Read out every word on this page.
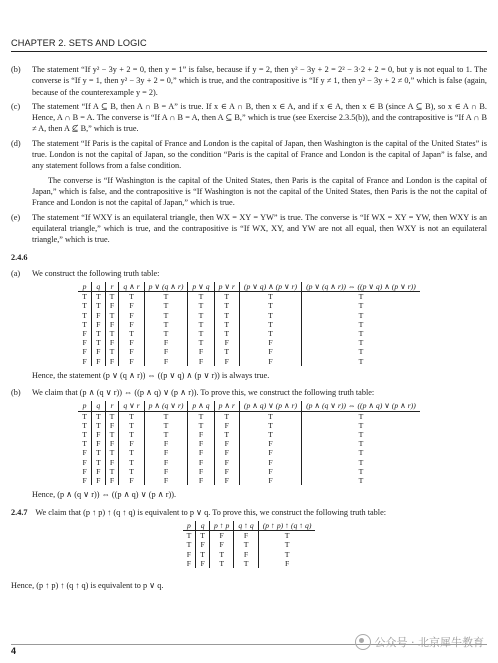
CHAPTER 2. SETS AND LOGIC
(b) The statement “If y² − 3y + 2 = 0, then y = 1” is false, because if y = 2, then y² − 3y + 2 = 2² − 3·2 + 2 = 0, but y is not equal to 1. The converse is “If y = 1, then y² − 3y + 2 = 0,” which is true, and the contrapositive is “If y ≠ 1, then y² − 3y + 2 ≠ 0,” which is false (again, because of the counterexample y = 2).
(c) The statement “If A ⊆ B, then A ∩ B = A” is true. If x ∈ A ∩ B, then x ∈ A, and if x ∈ A, then x ∈ B (since A ⊆ B), so x ∈ A ∩ B. Hence, A ∩ B = A. The converse is “If A ∩ B = A, then A ⊆ B,” which is true (see Exercise 2.3.5(b)), and the contrapositive is “If A ∩ B ≠ A, then A ⊈ B,” which is true.
(d) The statement “If Paris is the capital of France and London is the capital of Japan, then Washington is the capital of the United States” is true. London is not the capital of Japan, so the condition “Paris is the capital of France and London is the capital of Japan” is false, and any statement follows from a false condition.
The converse is “If Washington is the capital of the United States, then Paris is the capital of France and London is the capital of Japan,” which is false, and the contrapositive is “If Washington is not the capital of the United States, then Paris is the not the capital of France and London is not the capital of Japan,” which is true.
(e) The statement “If WXY is an equilateral triangle, then WX = XY = YW” is true. The converse is “If WX = XY = YW, then WXY is an equilateral triangle,” which is true, and the contrapositive is “If WX, XY, and YW are not all equal, then WXY is not an equilateral triangle,” which is true.
2.4.6
(a) We construct the following truth table:
p	q	r	q ∧ r	p ∨ (q ∧ r)	p ∨ q	p ∨ r	(p ∨ q) ∧ (p ∨ r)	(p ∨ (q ∧ r)) ⇔ ((p ∨ q) ∧ (p ∨ r))
T	T	T	T	T	T	T	T	T
T	T	F	F	T	T	T	T	T
T	F	T	F	T	T	T	T	T
T	F	F	F	T	T	T	T	T
F	T	T	T	T	T	T	T	T
F	T	F	F	F	T	F	F	T
F	F	T	F	F	F	T	F	T
F	F	F	F	F	F	F	F	T
Hence, the statement (p ∨ (q ∧ r)) ⇔ ((p ∨ q) ∧ (p ∨ r)) is always true.
(b) We claim that (p ∧ (q ∨ r)) ⇔ ((p ∧ q) ∨ (p ∧ r)). To prove this, we construct the following truth table:
p	q	r	q ∨ r	p ∧ (q ∨ r)	p ∧ q	p ∧ r	(p ∧ q) ∨ (p ∧ r)	(p ∧ (q ∨ r)) ⇔ ((p ∧ q) ∨ (p ∧ r))
T	T	T	T	T	T	T	T	T
T	T	F	T	T	T	F	T	T
T	F	T	T	T	F	T	T	T
T	F	F	F	F	F	F	F	T
F	T	T	T	F	F	F	F	T
F	T	F	T	F	F	F	F	T
F	F	T	T	F	F	F	F	T
F	F	F	F	F	F	F	F	T
Hence, (p ∧ (q ∨ r)) ⇔ ((p ∧ q) ∨ (p ∧ r)).
2.4.7 We claim that (p ↑ p) ↑ (q ↑ q) is equivalent to p ∨ q. To prove this, we construct the following truth table:
p	q	p ↑ p	q ↑ q	(p ↑ p) ↑ (q ↑ q)
T	T	F	F	T
T	F	F	T	T
F	T	T	F	T
F	F	T	T	F
Hence, (p ↑ p) ↑ (q ↑ q) is equivalent to p ∨ q.
4
公众号 · 北京犀牛教育
